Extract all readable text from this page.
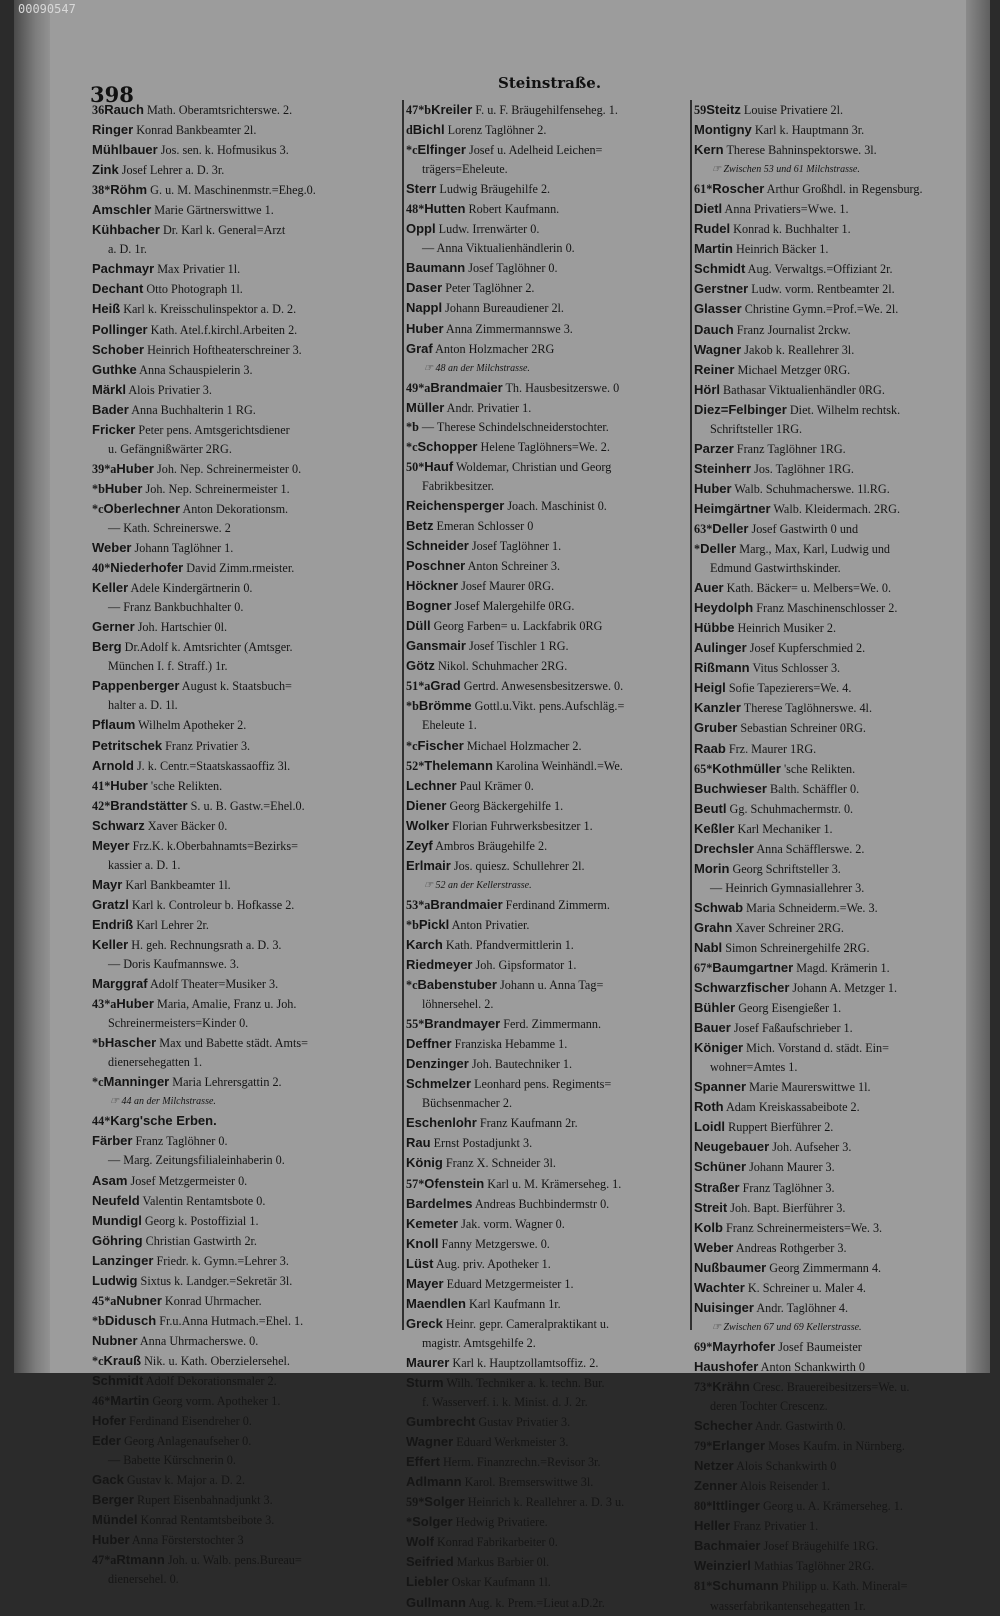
00090547
398	Steinstraße.
36Rauch Math. Oberamtsrichterswe. 2.
Ringer Konrad Bankbeamter 2l.
Mühlbauer Jos. sen. k. Hofmusikus 3.
Zink Josef Lehrer a. D. 3r.
38*Röhm G. u. M. Maschinenmstr.=Eheg.0.
Amschler Marie Gärtnerswittwe 1.
Kühbacher Dr. Karl k. General=Arzt
a. D. 1r.
Pachmayr Max Privatier 1l.
Dechant Otto Photograph 1l.
Heiß Karl k. Kreisschulinspektor a. D. 2.
Pollinger Kath. Atel.f.kirchl.Arbeiten 2.
Schober Heinrich Hoftheaterschreiner 3.
Guthke Anna Schauspielerin 3.
Märkl Alois Privatier 3.
Bader Anna Buchhalterin 1 RG.
Fricker Peter pens. Amtsgerichtsdiener
u. Gefängnißwärter 2RG.
39*aHuber Joh. Nep. Schreinermeister 0.
*bHuber Joh. Nep. Schreinermeister 1.
*cOberlechner Anton Dekorationsm.
— Kath. Schreinerswe. 2
Weber Johann Taglöhner 1.
40*Niederhofer David Zimm.rmeister.
Keller Adele Kindergärtnerin 0.
— Franz Bankbuchhalter 0.
Gerner Joh. Hartschier 0l.
Berg Dr.Adolf k. Amtsrichter (Amtsger.
München I. f. Straff.) 1r.
Pappenberger August k. Staatsbuch=
halter a. D. 1l.
Pflaum Wilhelm Apotheker 2.
Petritschek Franz Privatier 3.
Arnold J. k. Centr.=Staatskassaoffiz 3l.
41*Huber 'sche Relikten.
42*Brandstätter S. u. B. Gastw.=Ehel.0.
Schwarz Xaver Bäcker 0.
Meyer Frz.K. k.Oberbahnamts=Bezirks=
kassier a. D. 1.
Mayr Karl Bankbeamter 1l.
Gratzl Karl k. Controleur b. Hofkasse 2.
Endriß Karl Lehrer 2r.
Keller H. geh. Rechnungsrath a. D. 3.
— Doris Kaufmannswe. 3.
Marggraf Adolf Theater=Musiker 3.
43*aHuber Maria, Amalie, Franz u. Joh.
Schreinermeisters=Kinder 0.
*bHascher Max und Babette städt. Amts=
dienersehegatten 1.
*cManninger Maria Lehrersgattin 2.
☞ 44 an der Milchstrasse.
44*Karg'sche Erben.
Färber Franz Taglöhner 0.
— Marg. Zeitungsfilialeinhaberin 0.
Asam Josef Metzgermeister 0.
Neufeld Valentin Rentamtsbote 0.
Mundigl Georg k. Postoffizial 1.
Göhring Christian Gastwirth 2r.
Lanzinger Friedr. k. Gymn.=Lehrer 3.
Ludwig Sixtus k. Landger.=Sekretär 3l.
45*aNubner Konrad Uhrmacher.
*bDidusch Fr.u.Anna Hutmach.=Ehel. 1.
Nubner Anna Uhrmacherswe. 0.
*cKrauß Nik. u. Kath. Oberzielersehel.
Schmidt Adolf Dekorationsmaler 2.
46*Martin Georg vorm. Apotheker 1.
Hofer Ferdinand Eisendreher 0.
Eder Georg Anlagenaufseher 0.
— Babette Kürschnerin 0.
Gack Gustav k. Major a. D. 2.
Berger Rupert Eisenbahnadjunkt 3.
Mündel Konrad Rentamtsbeibote 3.
Huber Anna Försterstochter 3
47*aRtmann Joh. u. Walb. pens.Bureau=
dienersehel. 0.
47*bKreiler F. u. F. Bräugehilfenseheg. 1.
dBichl Lorenz Taglöhner 2.
*cElfinger Josef u. Adelheid Leichen=
trägers=Eheleute.
Sterr Ludwig Bräugehilfe 2.
48*Hutten Robert Kaufmann.
Oppl Ludw. Irrenwärter 0.
— Anna Viktualienhändlerin 0.
Baumann Josef Taglöhner 0.
Daser Peter Taglöhner 2.
Nappl Johann Bureaudiener 2l.
Huber Anna Zimmermannswe 3.
Graf Anton Holzmacher 2RG
☞ 48 an der Milchstrasse.
49*aBrandmaier Th. Hausbesitzerswe. 0
Müller Andr. Privatier 1.
*b — Therese Schindelschneiderstochter.
*cSchopper Helene Taglöhners=We. 2.
50*Hauf Woldemar, Christian und Georg
Fabrikbesitzer.
Reichensperger Joach. Maschinist 0.
Betz Emeran Schlosser 0
Schneider Josef Taglöhner 1.
Poschner Anton Schreiner 3.
Höckner Josef Maurer 0RG.
Bogner Josef Malergehilfe 0RG.
Düll Georg Farben= u. Lackfabrik 0RG
Gansmair Josef Tischler 1 RG.
Götz Nikol. Schuhmacher 2RG.
51*aGrad Gertrd. Anwesensbesitzerswe. 0.
*bBrömme Gottl.u.Vikt. pens.Aufschläg.=
Eheleute 1.
*cFischer Michael Holzmacher 2.
52*Thelemann Karolina Weinhändl.=We.
Lechner Paul Krämer 0.
Diener Georg Bäckergehilfe 1.
Wolker Florian Fuhrwerksbesitzer 1.
Zeyf Ambros Bräugehilfe 2.
Erlmair Jos. quiesz. Schullehrer 2l.
☞ 52 an der Kellerstrasse.
53*aBrandmaier Ferdinand Zimmerm.
*bPickl Anton Privatier.
Karch Kath. Pfandvermittlerin 1.
Riedmeyer Joh. Gipsformator 1.
*cBabenstuber Johann u. Anna Tag=
löhnersehel. 2.
55*Brandmayer Ferd. Zimmermann.
Deffner Franziska Hebamme 1.
Denzinger Joh. Bautechniker 1.
Schmelzer Leonhard pens. Regiments=
Büchsenmacher 2.
Eschenlohr Franz Kaufmann 2r.
Rau Ernst Postadjunkt 3.
König Franz X. Schneider 3l.
57*Ofenstein Karl u. M. Krämerseheg. 1.
Bardelmes Andreas Buchbindermstr 0.
Kemeter Jak. vorm. Wagner 0.
Knoll Fanny Metzgerswe. 0.
Lüst Aug. priv. Apotheker 1.
Mayer Eduard Metzgermeister 1.
Maendlen Karl Kaufmann 1r.
Greck Heinr. gepr. Cameralpraktikant u.
magistr. Amtsgehilfe 2.
Maurer Karl k. Hauptzollamtsoffiz. 2.
Sturm Wilh. Techniker a. k. techn. Bur.
f. Wasserverf. i. k. Minist. d. J. 2r.
Gumbrecht Gustav Privatier 3.
Wagner Eduard Werkmeister 3.
Effert Herm. Finanzrechn.=Revisor 3r.
Adlmann Karol. Bremserswittwe 3l.
59*Solger Heinrich k. Reallehrer a. D. 3 u.
*Solger Hedwig Privatiere.
Wolf Konrad Fabrikarbeiter 0.
Seifried Markus Barbier 0l.
Liebler Oskar Kaufmann 1l.
Gullmann Aug. k. Prem.=Lieut a.D.2r.
59Steitz Louise Privatiere 2l.
Montigny Karl k. Hauptmann 3r.
Kern Therese Bahninspektorswe. 3l.
☞ Zwischen 53 und 61 Milchstrasse.
61*Roscher Arthur Großhdl. in Regensburg.
Dietl Anna Privatiers=Wwe. 1.
Rudel Konrad k. Buchhalter 1.
Martin Heinrich Bäcker 1.
Schmidt Aug. Verwaltgs.=Offiziant 2r.
Gerstner Ludw. vorm. Rentbeamter 2l.
Glasser Christine Gymn.=Prof.=We. 2l.
Dauch Franz Journalist 2rckw.
Wagner Jakob k. Reallehrer 3l.
Reiner Michael Metzger 0RG.
Hörl Bathasar Viktualienhändler 0RG.
Diez=Felbinger Diet. Wilhelm rechtsk.
Schriftsteller 1RG.
Parzer Franz Taglöhner 1RG.
Steinherr Jos. Taglöhner 1RG.
Huber Walb. Schuhmacherswe. 1l.RG.
Heimgärtner Walb. Kleidermach. 2RG.
63*Deller Josef Gastwirth 0 und
*Deller Marg., Max, Karl, Ludwig und
Edmund Gastwirthskinder.
Auer Kath. Bäcker= u. Melbers=We. 0.
Heydolph Franz Maschinenschlosser 2.
Hübbe Heinrich Musiker 2.
Aulinger Josef Kupferschmied 2.
Rißmann Vitus Schlosser 3.
Heigl Sofie Tapezierers=We. 4.
Kanzler Therese Taglöhnerswe. 4l.
Gruber Sebastian Schreiner 0RG.
Raab Frz. Maurer 1RG.
65*Kothmüller 'sche Relikten.
Buchwieser Balth. Schäffler 0.
Beutl Gg. Schuhmachermstr. 0.
Keßler Karl Mechaniker 1.
Drechsler Anna Schäfflerswe. 2.
Morin Georg Schriftsteller 3.
— Heinrich Gymnasiallehrer 3.
Schwab Maria Schneiderm.=We. 3.
Grahn Xaver Schreiner 2RG.
Nabl Simon Schreinergehilfe 2RG.
67*Baumgartner Magd. Krämerin 1.
Schwarzfischer Johann A. Metzger 1.
Bühler Georg Eisengießer 1.
Bauer Josef Faßaufschrieber 1.
Königer Mich. Vorstand d. städt. Ein=
wohner=Amtes 1.
Spanner Marie Maurerswittwe 1l.
Roth Adam Kreiskassabeibote 2.
Loidl Ruppert Bierführer 2.
Neugebauer Joh. Aufseher 3.
Schüner Johann Maurer 3.
Straßer Franz Taglöhner 3.
Streit Joh. Bapt. Bierführer 3.
Kolb Franz Schreinermeisters=We. 3.
Weber Andreas Rothgerber 3.
Nußbaumer Georg Zimmermann 4.
Wachter K. Schreiner u. Maler 4.
Nuisinger Andr. Taglöhner 4.
☞ Zwischen 67 und 69 Kellerstrasse.
69*Mayrhofer Josef Baumeister
Haushofer Anton Schankwirth 0
73*Krähn Cresc. Brauereibesitzers=We. u.
deren Tochter Crescenz.
Schecher Andr. Gastwirth 0.
79*Erlanger Moses Kaufm. in Nürnberg.
Netzer Alois Schankwirth 0
Zenner Alois Reisender 1.
80*Ittlinger Georg u. A. Krämerseheg. 1.
Heller Franz Privatier 1.
Bachmaier Josef Bräugehilfe 1RG.
Weinzierl Mathias Taglöhner 2RG.
81*Schumann Philipp u. Kath. Mineral=
wasserfabrikantensehegatten 1r.
